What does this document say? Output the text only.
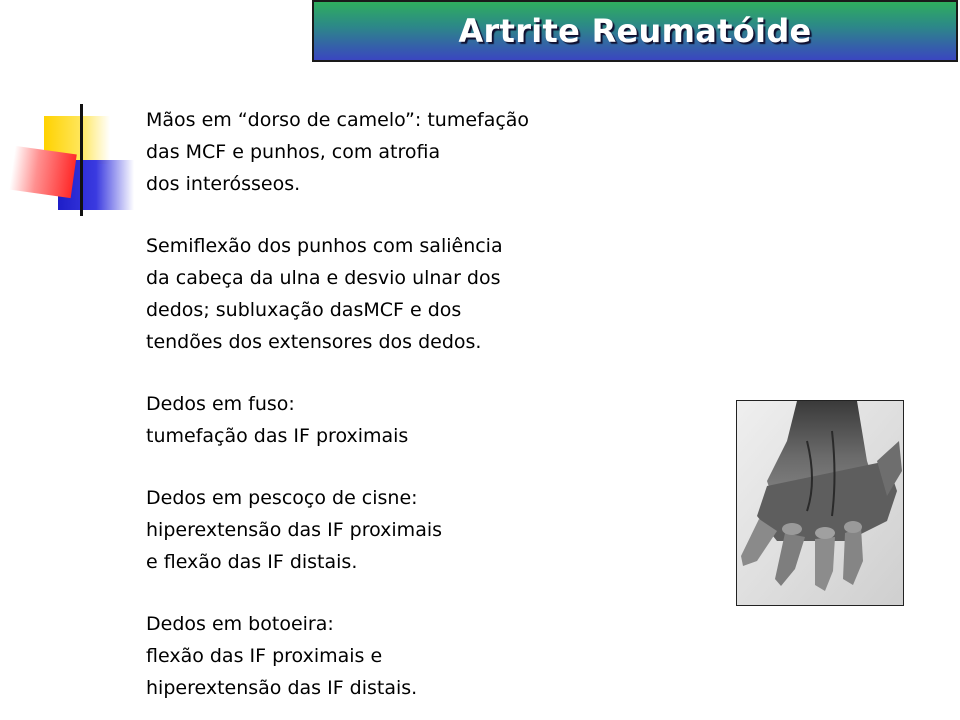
Artrite Reumatóide

Mãos em “dorso de camelo”: tumefação
das MCF e punhos, com atrofia
dos interósseos.

Semiflexão dos punhos com saliência
da cabeça da ulna e desvio ulnar dos
dedos; subluxação dasMCF e dos
tendões dos extensores dos dedos.

Dedos em fuso:
tumefação das IF proximais

Dedos em pescoço de cisne:
hiperextensão das IF proximais
e flexão das IF distais.

Dedos em botoeira:
flexão das IF proximais e
hiperextensão das IF distais.
